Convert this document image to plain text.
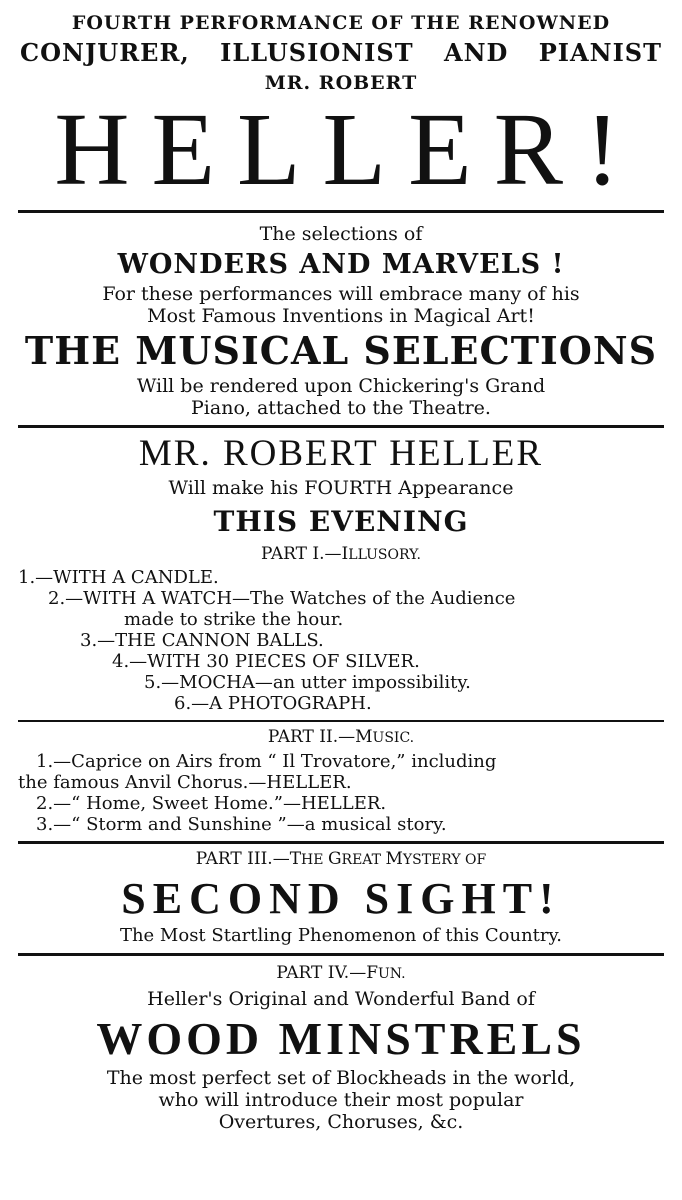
FOURTH PERFORMANCE OF THE RENOWNED
CONJURER, ILLUSIONIST AND PIANIST
MR. ROBERT
HELLER!
The selections of
WONDERS AND MARVELS !
For these performances will embrace many of his
Most Famous Inventions in Magical Art!
THE MUSICAL SELECTIONS
Will be rendered upon Chickering's Grand
Piano, attached to the Theatre.
MR. ROBERT HELLER
Will make his FOURTH Appearance
THIS EVENING
PART I.—ILLUSORY.
1.—WITH A CANDLE.
2.—WITH A WATCH—The Watches of the Audience
made to strike the hour.
3.—THE CANNON BALLS.
4.—WITH 30 PIECES OF SILVER.
5.—MOCHA—an utter impossibility.
6.—A PHOTOGRAPH.
PART II.—MUSIC.
1.—Caprice on Airs from “ Il Trovatore,” including
the famous Anvil Chorus.—HELLER.
2.—“ Home, Sweet Home.”—HELLER.
3.—“ Storm and Sunshine ”—a musical story.
PART III.—THE GREAT MYSTERY OF
SECOND SIGHT!
The Most Startling Phenomenon of this Country.
PART IV.—FUN.
Heller's Original and Wonderful Band of
WOOD MINSTRELS
The most perfect set of Blockheads in the world,
who will introduce their most popular
Overtures, Choruses, &c.
